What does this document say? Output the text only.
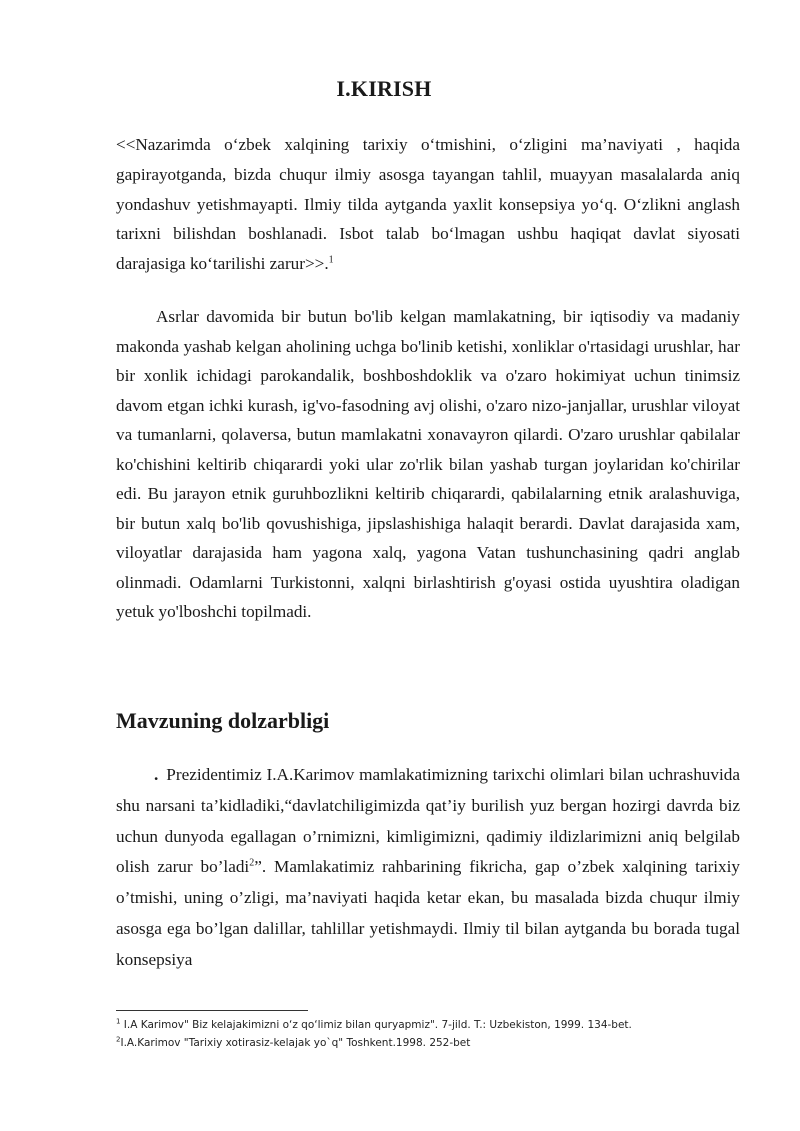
I.KIRISH

<<Nazarimda o‘zbek xalqining tarixiy o‘tmishini, o‘zligini ma’naviyati , haqida gapirayotganda, bizda chuqur ilmiy asosga tayangan tahlil, muayyan masalalarda aniq yondashuv yetishmayapti. Ilmiy tilda aytganda yaxlit konsepsiya yo‘q. O‘zlikni anglash tarixni bilishdan boshlanadi. Isbot talab bo‘lmagan ushbu haqiqat davlat siyosati darajasiga ko‘tarilishi zarur>>.$^1$

Asrlar davomida bir butun bo'lib kelgan mamlakatning, bir iqtisodiy va madaniy makonda yashab kelgan aholining uchga bo'linib ketishi, xonliklar o'rtasidagi urushlar, har bir xonlik ichidagi parokandalik, boshboshdoklik va o'zaro hokimiyat uchun tinimsiz davom etgan ichki kurash, ig'vo-fasodning avj olishi, o'zaro nizo-janjallar, urushlar viloyat va tumanlarni, qolaversa, butun mamlakatni xonavayron qilardi. O'zaro urushlar qabilalar ko'chishini keltirib chiqarardi yoki ular zo'rlik bilan yashab turgan joylaridan ko'chirilar edi. Bu jarayon etnik guruhbozlikni keltirib chiqarardi, qabilalarning etnik aralashuviga, bir butun xalq bo'lib qovushishiga, jipslashishiga halaqit berardi. Davlat darajasida xam, viloyatlar darajasida ham yagona xalq, yagona Vatan tushunchasining qadri anglab olinmadi. Odamlarni Turkistonni, xalqni birlashtirish g'oyasi ostida uyushtira oladigan yetuk yo'lboshchi topilmadi.

Mavzuning dolzarbligi

. Prezidentimiz I.A.Karimov mamlakatimizning tarixchi olimlari bilan uchrashuvida shu narsani ta’kidladiki,“davlatchiligimizda qat’iy burilish yuz bergan hozirgi davrda biz uchun dunyoda egallagan o’rnimizni, kimligimizni, qadimiy ildizlarimizni aniq belgilab olish zarur bo’ladi$^2$”. Mamlakatimiz rahbarining fikricha, gap o’zbek xalqining tarixiy o’tmishi, uning o’zligi, ma’naviyati haqida ketar ekan, bu masalada bizda chuqur ilmiy asosga ega bo’lgan dalillar, tahlillar yetishmaydi. Ilmiy til bilan aytganda bu borada tugal konsepsiya

$^1$ I.A Karimov" Biz kelajakimizni o‘z qo‘limiz bilan quryapmiz". 7-jild. T.: Uzbekiston, 1999. 134-bet.

$^2$I.A.Karimov "Tarixiy xotirasiz-kelajak yo`q" Toshkent.1998. 252-bet
